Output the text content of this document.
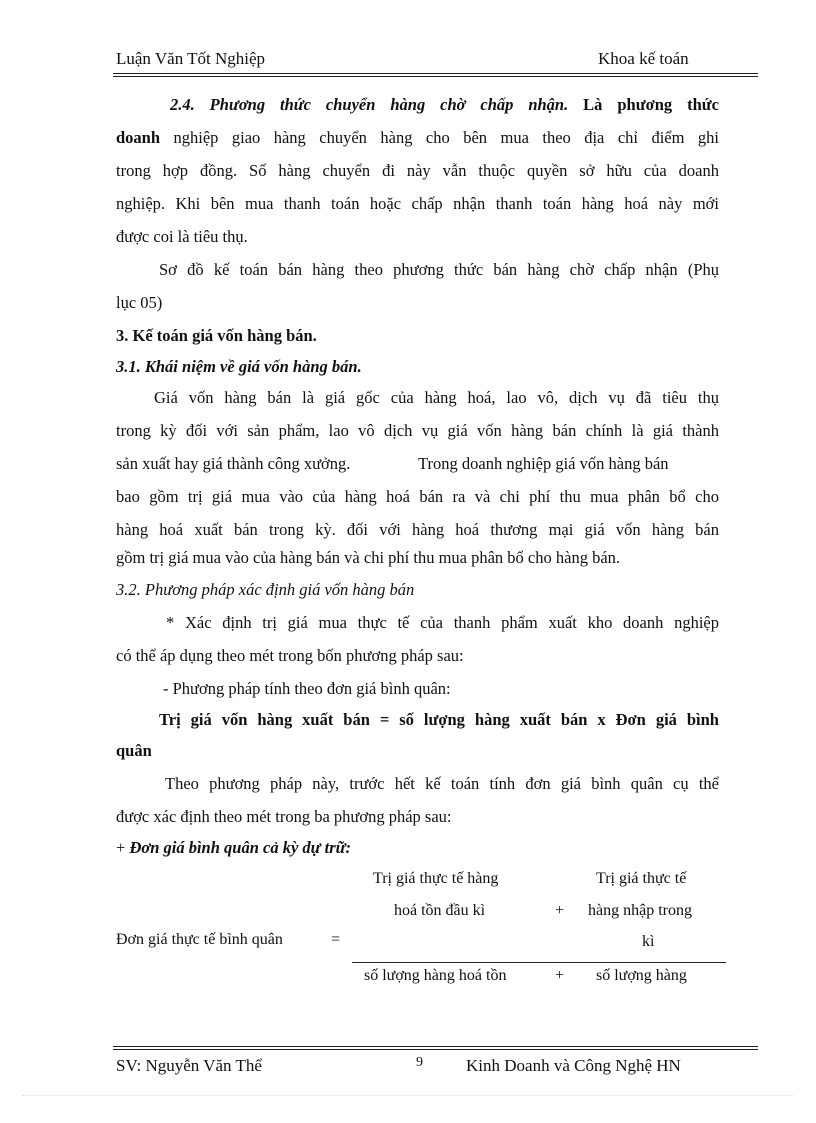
Luận Văn Tốt Nghiệp	Khoa kế toán
2.4. Phương thức chuyển hàng chờ chấp nhận. Là phương thức
doanh nghiệp giao hàng chuyển hàng cho bên mua theo địa chỉ điểm ghi
trong hợp đồng. Số hàng chuyển đi này vẫn thuộc quyền sở hữu của doanh
nghiệp. Khi bên mua thanh toán hoặc chấp nhận thanh toán hàng hoá này mới
được coi là tiêu thụ.
Sơ đồ kế toán bán hàng theo phương thức bán hàng chờ chấp nhận (Phụ
lục 05)
3. Kế toán giá vốn hàng bán.
3.1. Khái niệm về giá vốn hàng bán.
Giá vốn hàng bán là giá gốc của hàng hoá, lao vô, dịch vụ đã tiêu thụ
trong kỳ đối với sản phẩm, lao vô dịch vụ giá vốn hàng bán chính là giá thành
sản xuất hay giá thành công xưởng.	Trong doanh nghiệp giá vốn hàng bán
bao gồm trị giá mua vào của hàng hoá bán ra và chi phí thu mua phân bổ cho
hàng hoá xuất bán trong kỳ. đối với hàng hoá thương mại giá vốn hàng bán
gồm trị giá mua vào của hàng bán và chi phí thu mua phân bổ cho hàng bán.
3.2. Phương pháp xác định giá vốn hàng bán
* Xác định trị giá mua thực tế của thanh phẩm xuất kho doanh nghiệp
có thể áp dụng theo mét trong bốn phương pháp sau:
- Phương pháp tính theo đơn giá bình quân:
Trị giá vốn hàng xuất bán = số lượng hàng xuất bán x Đơn giá bình
quân
Theo phương pháp này, trước hết kế toán tính đơn giá bình quân cụ thể
được xác định theo mét trong ba phương pháp sau:
+ Đơn giá bình quân cả kỳ dự trữ:
Trị giá thực tế hàng
hoá tồn đầu kì	+
Trị giá thực tế
hàng nhập trong
kì
Đơn giá thực tế bình quân	=
số lượng hàng hoá tồn	+ số lượng hàng
SV: Nguyễn Văn Thể	9	Kinh Doanh và Công Nghệ HN
